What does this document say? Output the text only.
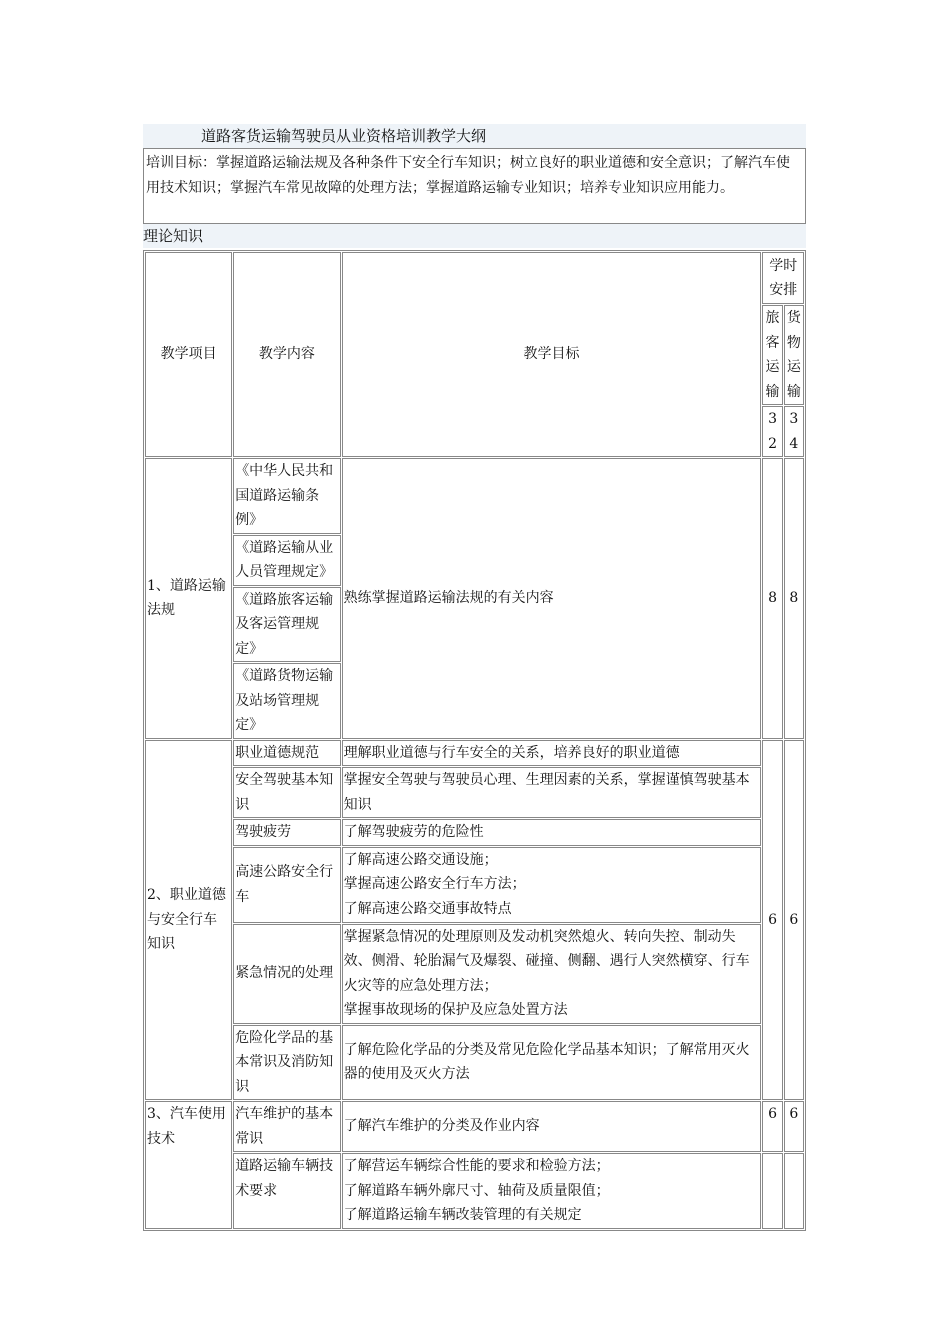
道路客货运输驾驶员从业资格培训教学大纲
培训目标：掌握道路运输法规及各种条件下安全行车知识；树立良好的职业道德和安全意识；了解汽车使用技术知识；掌握汽车常见故障的处理方法；掌握道路运输专业知识；培养专业知识应用能力。
理论知识
教学项目	教学内容	教学目标	学时安排	
			旅客运输	货物运输
			32	34
1、道路运输法规	《中华人民共和国道路运输条例》	熟练掌握道路运输法规的有关内容	8	8
	《道路运输从业人员管理规定》			
	《道路旅客运输及客运管理规定》			
	《道路货物运输及站场管理规定》			
2、职业道德与安全行车知识	职业道德规范	理解职业道德与行车安全的关系，培养良好的职业道德	6	6
	安全驾驶基本知识	掌握安全驾驶与驾驶员心理、生理因素的关系，掌握谨慎驾驶基本知识		
	驾驶疲劳	了解驾驶疲劳的危险性		
	高速公路安全行车	了解高速公路交通设施；
掌握高速公路安全行车方法；
了解高速公路交通事故特点		
	紧急情况的处理	掌握紧急情况的处理原则及发动机突然熄火、转向失控、制动失效、侧滑、轮胎漏气及爆裂、碰撞、侧翻、遇行人突然横穿、行车火灾等的应急处理方法；
掌握事故现场的保护及应急处置方法		
	危险化学品的基本常识及消防知识	了解危险化学品的分类及常见危险化学品基本知识；了解常用灭火器的使用及灭火方法		
3、汽车使用技术	汽车维护的基本常识	了解汽车维护的分类及作业内容	6	6
	道路运输车辆技术要求	了解营运车辆综合性能的要求和检验方法；
了解道路车辆外廓尺寸、轴荷及质量限值；
了解道路运输车辆改装管理的有关规定		
